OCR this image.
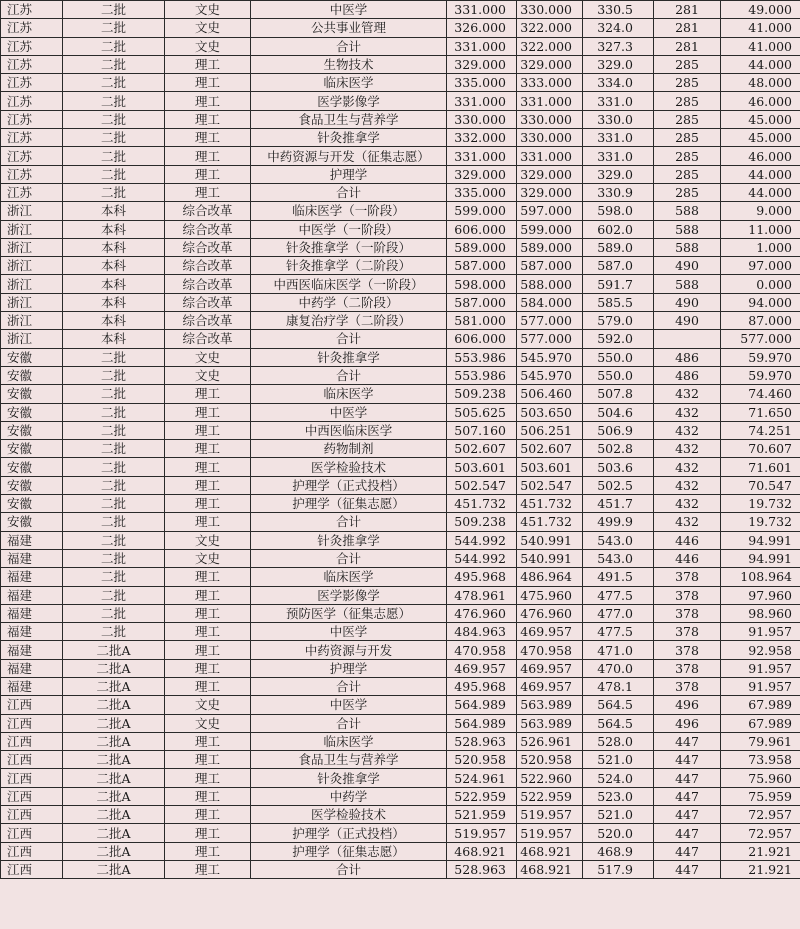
江苏	二批	文史	中医学	331.000	330.000	330.5	281	49.000
江苏	二批	文史	公共事业管理	326.000	322.000	324.0	281	41.000
江苏	二批	文史	合计	331.000	322.000	327.3	281	41.000
江苏	二批	理工	生物技术	329.000	329.000	329.0	285	44.000
江苏	二批	理工	临床医学	335.000	333.000	334.0	285	48.000
江苏	二批	理工	医学影像学	331.000	331.000	331.0	285	46.000
江苏	二批	理工	食品卫生与营养学	330.000	330.000	330.0	285	45.000
江苏	二批	理工	针灸推拿学	332.000	330.000	331.0	285	45.000
江苏	二批	理工	中药资源与开发（征集志愿）	331.000	331.000	331.0	285	46.000
江苏	二批	理工	护理学	329.000	329.000	329.0	285	44.000
江苏	二批	理工	合计	335.000	329.000	330.9	285	44.000
浙江	本科	综合改革	临床医学（一阶段）	599.000	597.000	598.0	588	9.000
浙江	本科	综合改革	中医学（一阶段）	606.000	599.000	602.0	588	11.000
浙江	本科	综合改革	针灸推拿学（一阶段）	589.000	589.000	589.0	588	1.000
浙江	本科	综合改革	针灸推拿学（二阶段）	587.000	587.000	587.0	490	97.000
浙江	本科	综合改革	中西医临床医学（一阶段）	598.000	588.000	591.7	588	0.000
浙江	本科	综合改革	中药学（二阶段）	587.000	584.000	585.5	490	94.000
浙江	本科	综合改革	康复治疗学（二阶段）	581.000	577.000	579.0	490	87.000
浙江	本科	综合改革	合计	606.000	577.000	592.0		577.000
安徽	二批	文史	针灸推拿学	553.986	545.970	550.0	486	59.970
安徽	二批	文史	合计	553.986	545.970	550.0	486	59.970
安徽	二批	理工	临床医学	509.238	506.460	507.8	432	74.460
安徽	二批	理工	中医学	505.625	503.650	504.6	432	71.650
安徽	二批	理工	中西医临床医学	507.160	506.251	506.9	432	74.251
安徽	二批	理工	药物制剂	502.607	502.607	502.8	432	70.607
安徽	二批	理工	医学检验技术	503.601	503.601	503.6	432	71.601
安徽	二批	理工	护理学（正式投档）	502.547	502.547	502.5	432	70.547
安徽	二批	理工	护理学（征集志愿）	451.732	451.732	451.7	432	19.732
安徽	二批	理工	合计	509.238	451.732	499.9	432	19.732
福建	二批	文史	针灸推拿学	544.992	540.991	543.0	446	94.991
福建	二批	文史	合计	544.992	540.991	543.0	446	94.991
福建	二批	理工	临床医学	495.968	486.964	491.5	378	108.964
福建	二批	理工	医学影像学	478.961	475.960	477.5	378	97.960
福建	二批	理工	预防医学（征集志愿）	476.960	476.960	477.0	378	98.960
福建	二批	理工	中医学	484.963	469.957	477.5	378	91.957
福建	二批A	理工	中药资源与开发	470.958	470.958	471.0	378	92.958
福建	二批A	理工	护理学	469.957	469.957	470.0	378	91.957
福建	二批A	理工	合计	495.968	469.957	478.1	378	91.957
江西	二批A	文史	中医学	564.989	563.989	564.5	496	67.989
江西	二批A	文史	合计	564.989	563.989	564.5	496	67.989
江西	二批A	理工	临床医学	528.963	526.961	528.0	447	79.961
江西	二批A	理工	食品卫生与营养学	520.958	520.958	521.0	447	73.958
江西	二批A	理工	针灸推拿学	524.961	522.960	524.0	447	75.960
江西	二批A	理工	中药学	522.959	522.959	523.0	447	75.959
江西	二批A	理工	医学检验技术	521.959	519.957	521.0	447	72.957
江西	二批A	理工	护理学（正式投档）	519.957	519.957	520.0	447	72.957
江西	二批A	理工	护理学（征集志愿）	468.921	468.921	468.9	447	21.921
江西	二批A	理工	合计	528.963	468.921	517.9	447	21.921
